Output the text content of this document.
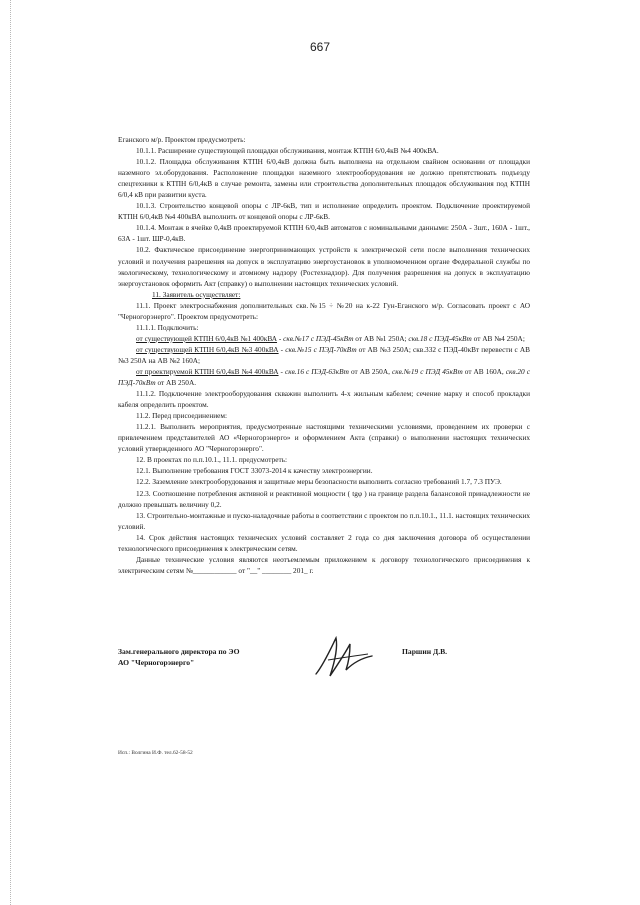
667

Еганского м/р. Проектом предусмотреть:

10.1.1. Расширение существующей площадки обслуживания, монтаж КТПН 6/0,4кВ №4 400кВА.

10.1.2. Площадка обслуживания КТПН 6/0,4кВ должна быть выполнена на отдельном свайном основании от площадки наземного эл.оборудования. Расположение площадки наземного электрооборудования не должно препятствовать подъезду спецтехники к КТПН 6/0,4кВ в случае ремонта, замены или строительства дополнительных площадок обслуживания под КТПН 6/0,4 кВ при развитии куста.

10.1.3. Строительство концевой опоры с ЛР-6кВ, тип и исполнение определить проектом. Подключение проектируемой КТПН 6/0,4кВ №4 400кВА выполнить от концевой опоры с ЛР-6кВ.

10.1.4. Монтаж в ячейке 0,4кВ проектируемой КТПН 6/0,4кВ автоматов с номинальными данными: 250А - 3шт., 160А - 1шт., 63А - 1шт. ШР-0,4кВ.

10.2. Фактическое присоединение энергопринимающих устройств к электрической сети после выполнения технических условий и получения разрешения на допуск в эксплуатацию энергоустановок в уполномоченном органе Федеральной службы по экологическому, технологическому и атомному надзору (Ростехнадзор). Для получения разрешения на допуск в эксплуатацию энергоустановок оформить Акт (справку) о выполнении настоящих технических условий.

11. Заявитель осуществляет:

11.1. Проект электроснабжения дополнительных скв.№15 ÷ №20 на к-22 Гун-Еганского м/р. Согласовать проект с АО "Черногорэнерго". Проектом предусмотреть:

11.1.1. Подключить:

от существующей КТПН 6/0,4кВ №1 400кВА - скв.№17 с ПЭД-45кВт от АВ №1 250А; скв.18 с ПЭД-45кВт от АВ №4 250А;

от существующей КТПН 6/0,4кВ №3 400кВА - скв.№15 с ПЭД-70кВт от АВ №3 250А; скв.332 с ПЭД-40кВт перевести с АВ №3 250А на АВ №2 160А;

от проектируемой КТПН 6/0,4кВ №4 400кВА - скв.16 с ПЭД-63кВт от АВ 250А, скв.№19 с ПЭД 45кВт от АВ 160А, скв.20 с ПЭД-70кВт от АВ 250А.

11.1.2. Подключение электрооборудования скважин выполнить 4-х жильным кабелем; сечение марку и способ прокладки кабеля определить проектом.

11.2. Перед присоединением:

11.2.1. Выполнить мероприятия, предусмотренные настоящими техническими условиями, проведением их проверки с привлечением представителей АО «Черногорэнерго» и оформлением Акта (справки) о выполнении настоящих технических условий утвержденного АО "Черногорэнерго".

12. В проектах по п.п.10.1., 11.1. предусмотреть:

12.1. Выполнение требования ГОСТ 33073-2014 к качеству электроэнергии.

12.2. Заземление электрооборудования и защитные меры безопасности выполнить согласно требований 1.7, 7.3 ПУЭ.

12.3. Соотношение потребления активной и реактивной мощности ( tgφ ) на границе раздела балансовой принадлежности не должно превышать величину 0,2.

13. Строительно-монтажные и пуско-наладочные работы в соответствии с проектом по п.п.10.1., 11.1. настоящих технических условий.

14. Срок действия настоящих технических условий составляет 2 года со дня заключения договора об осуществлении технологического присоединения к электрическим сетям.

Данные технические условия являются неотъемлемым приложением к договору технологического присоединения к электрическим сетям №____________ от "__" ________ 201_ г.

Зам.генерального директора по ЭО
АО "Черногорэнерго"
Паршин Д.В.
Исп.: Волгина И.Ф. тел.62-58-52
